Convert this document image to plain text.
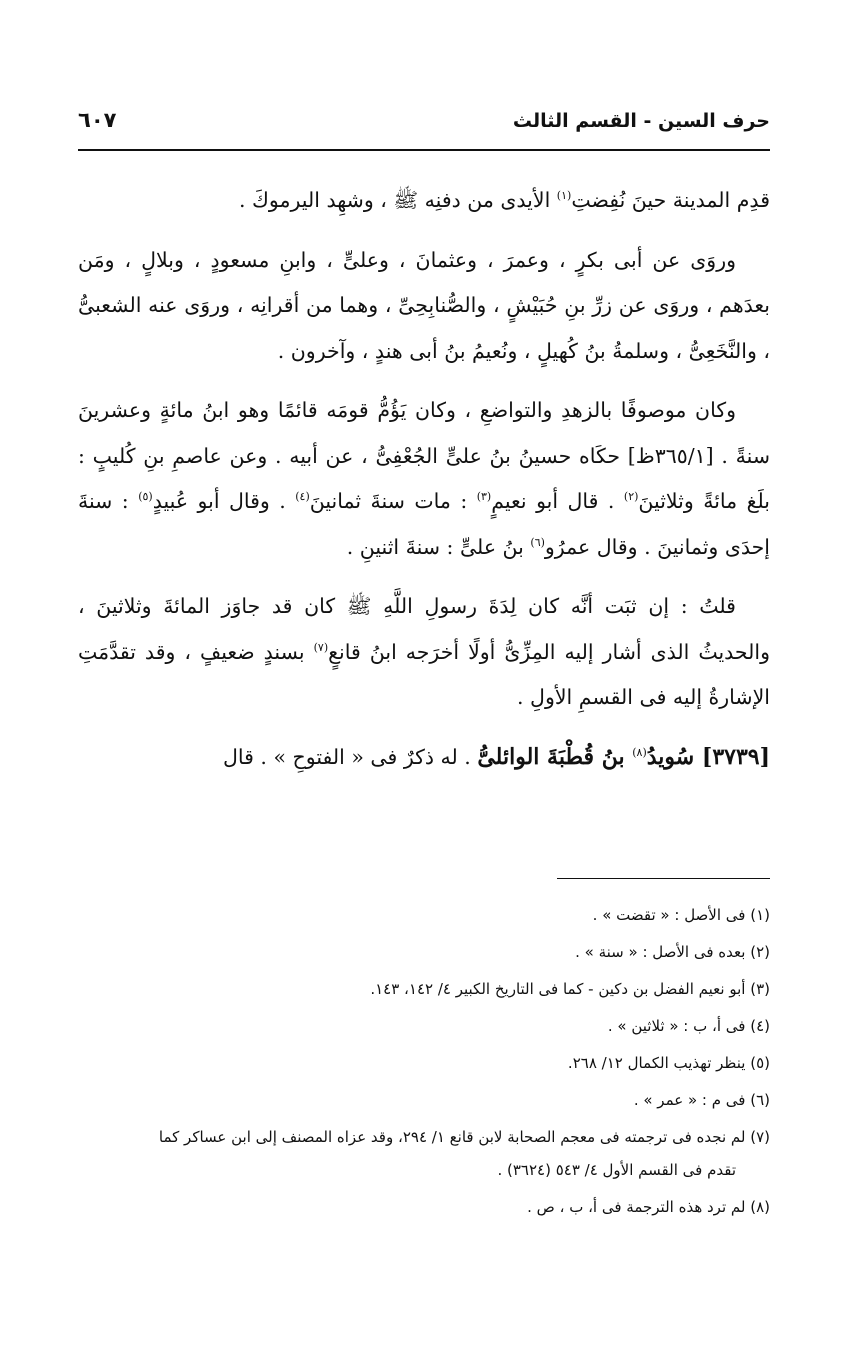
حرف السين - القسم الثالث
٦٠٧

قدِم المدينة حينَ نُفِضتِ$^{(١)}$ الأيدى من دفنِه ﷺ ، وشهِد اليرموكَ .

وروَى عن أبى بكرٍ ، وعمرَ ، وعثمانَ ، وعلىٍّ ، وابنِ مسعودٍ ، وبلالٍ ، ومَن بعدَهم ، وروَى عن زرِّ بنِ حُبَيْشٍ ، والصُّنابِحِىِّ ، وهما من أقرانِه ، وروَى عنه الشعبىُّ ، والنَّخَعِىُّ ، وسلمةُ بنُ كُهيلٍ ، ونُعيمُ بنُ أبى هندٍ ، وآخرون .

وكان موصوفًا بالزهدِ والتواضعِ ، وكان يَؤُمُّ قومَه قائمًا وهو ابنُ مائةٍ وعشرينَ سنةً . [٣٦٥/١ظ] حكَاه حسينُ بنُ علىٍّ الجُعْفِىُّ ، عن أبيه . وعن عاصمِ بنِ كُليبٍ : بلَغ مائةً وثلاثينَ$^{(٢)}$ . قال أبو نعيمٍ$^{(٣)}$ : مات سنةَ ثمانينَ$^{(٤)}$ . وقال أبو عُبيدٍ$^{(٥)}$ : سنةَ إحدَى وثمانينَ . وقال عمرُو$^{(٦)}$ بنُ علىٍّ : سنةَ اثنينِ .

قلتُ : إن ثبَت أنَّه كان لِدَةَ رسولِ اللَّهِ ﷺ كان قد جاوَز المائةَ وثلاثينَ ، والحديثُ الذى أشار إليه المِزِّىُّ أولًا أخرَجه ابنُ قانعٍ$^{(٧)}$ بسندٍ ضعيفٍ ، وقد تقدَّمَتِ الإشارةُ إليه فى القسمِ الأولِ .

[٣٧٣٩] سُويدُ$^{(٨)}$ بنُ قُطْبَةَ الوائلىُّ . له ذكرٌ فى « الفتوحِ » . قال

(١) فى الأصل : « تقضت » .

(٢) بعده فى الأصل : « سنة » .

(٣) أبو نعيم الفضل بن دكين - كما فى التاريخ الكبير ٤/ ١٤٢، ١٤٣.

(٤) فى أ، ب : « ثلاثين » .

(٥) ينظر تهذيب الكمال ١٢/ ٢٦٨.

(٦) فى م : « عمر » .

(٧) لم نجده فى ترجمته فى معجم الصحابة لابن قانع ١/ ٢٩٤، وقد عزاه المصنف إلى ابن عساكر كما

تقدم فى القسم الأول ٤/ ٥٤٣ (٣٦٢٤) .

(٨) لم ترد هذه الترجمة فى أ، ب ، ص .
